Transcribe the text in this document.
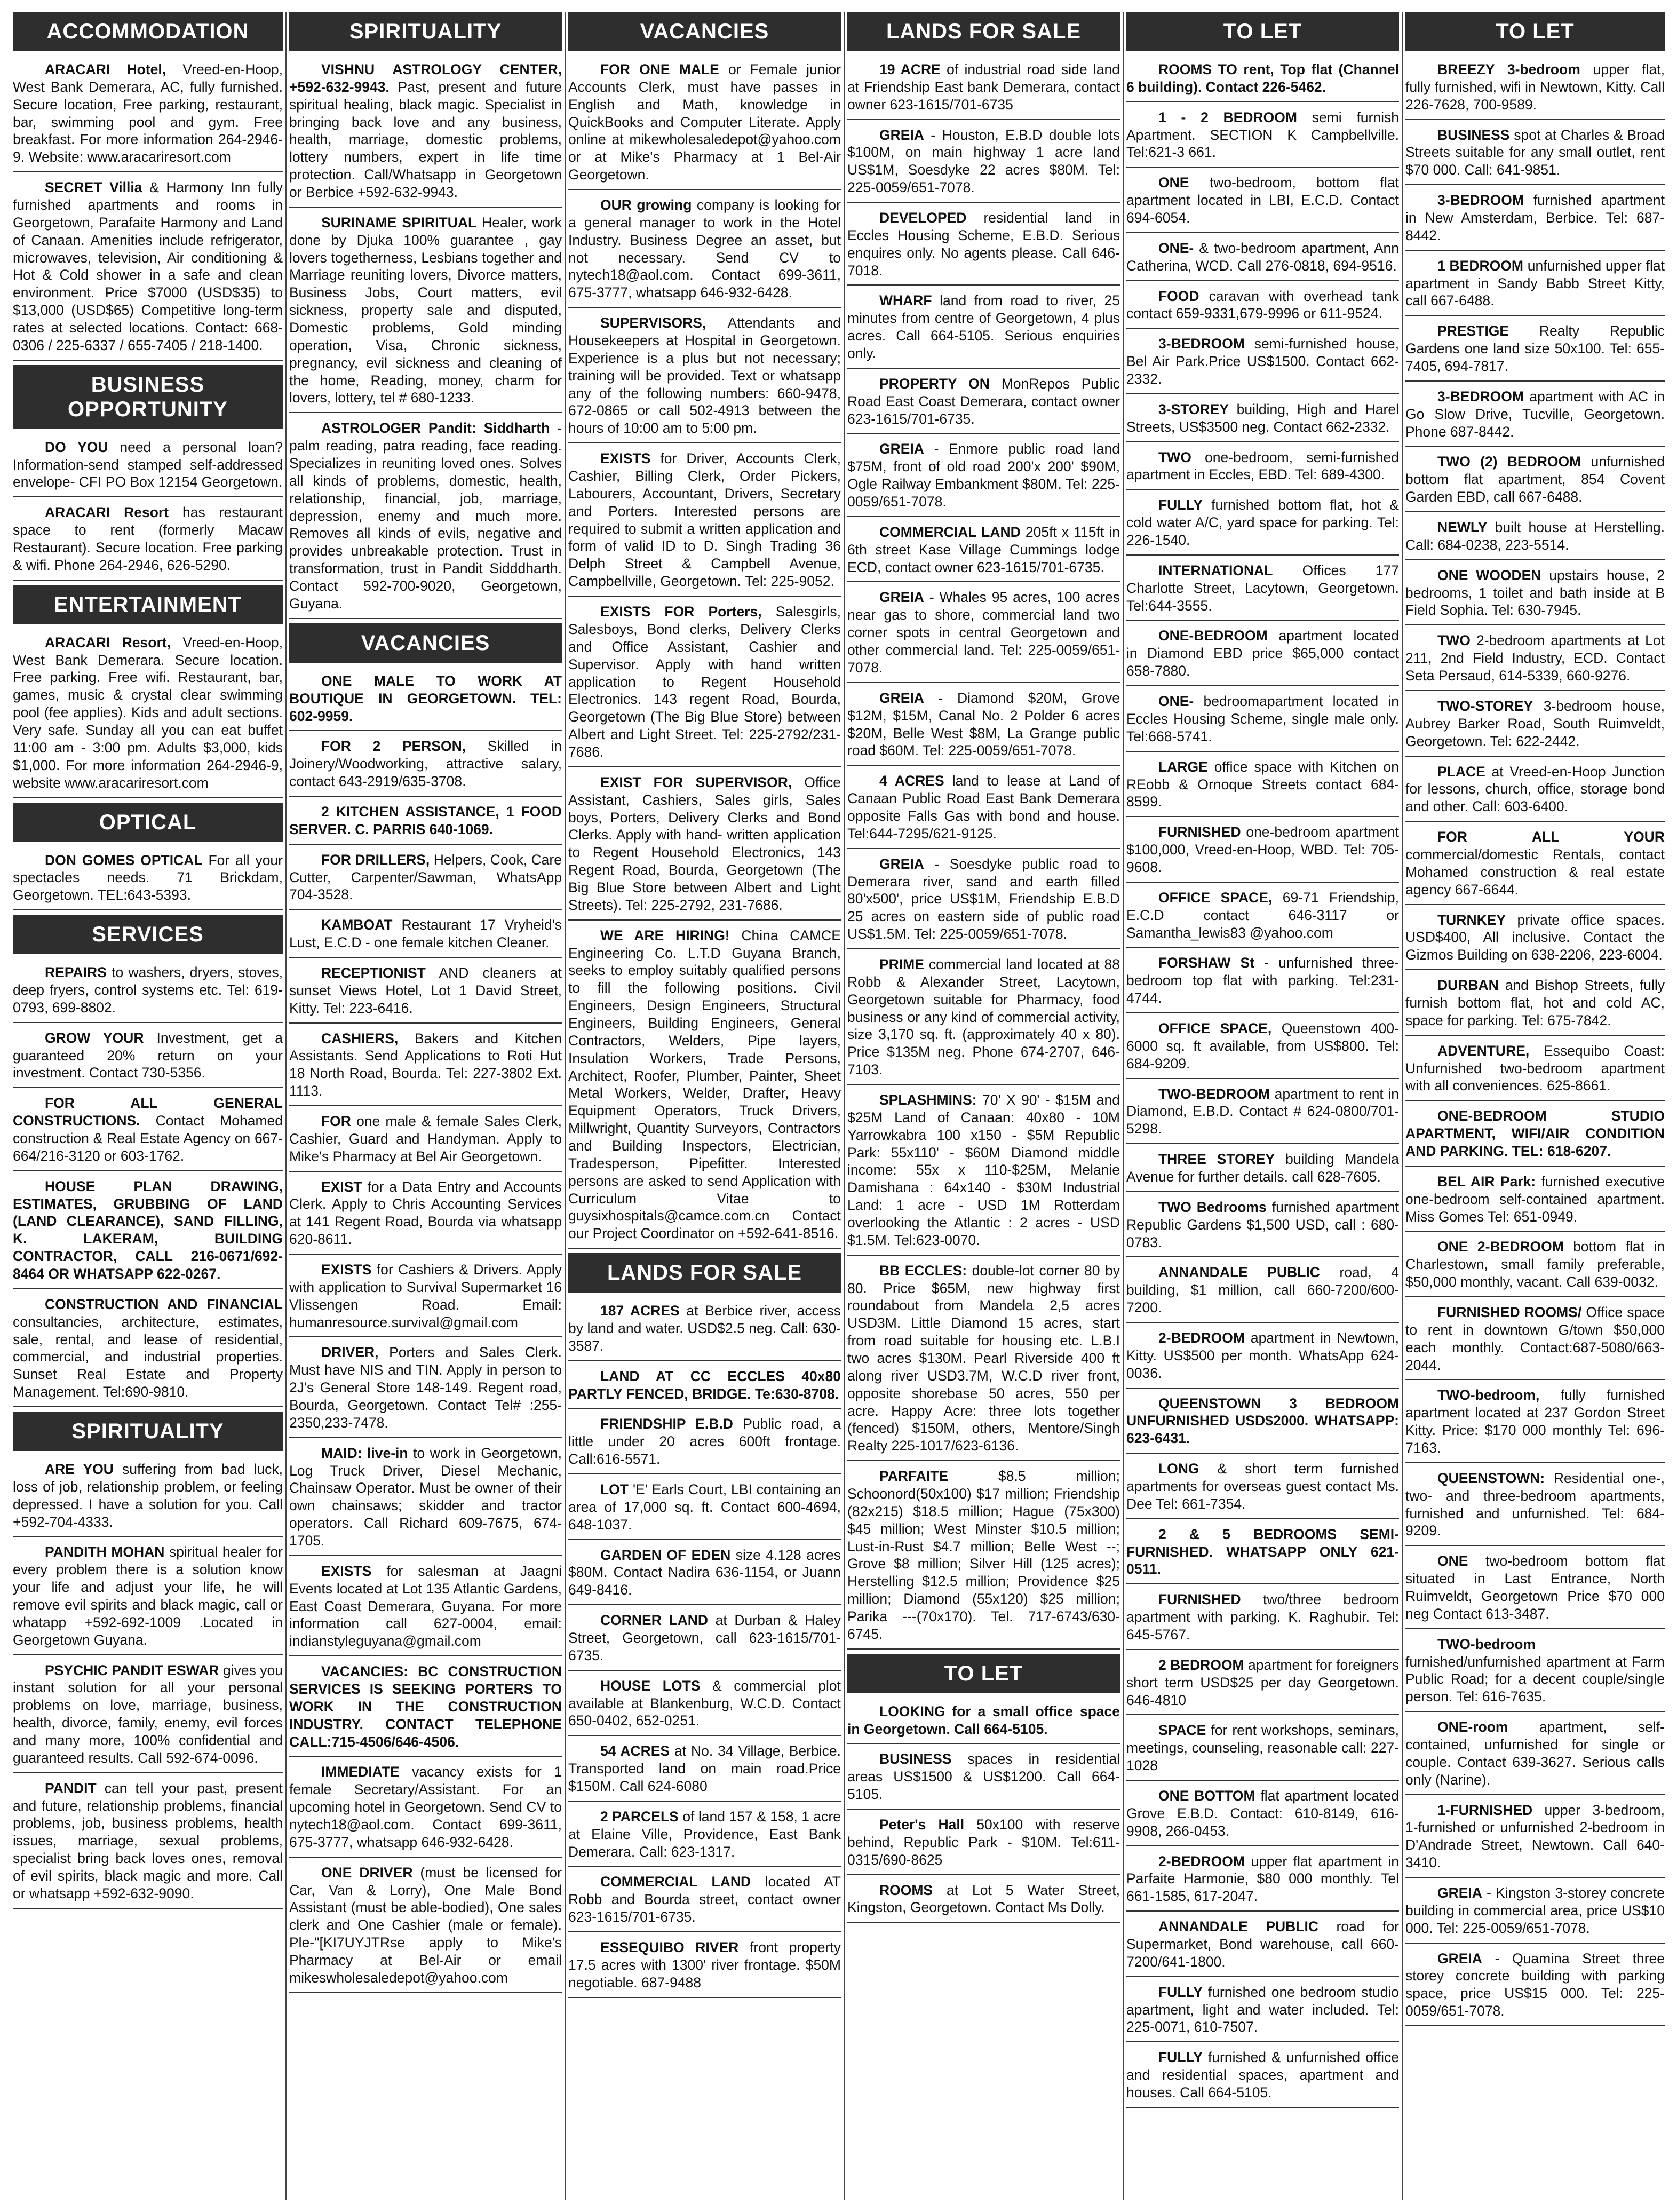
ACCOMMODATION
ARACARI Hotel, Vreed-en-Hoop, West Bank Demerara, AC, fully furnished. Secure location, Free parking, restaurant, bar, swimming pool and gym. Free breakfast. For more information 264-2946-9. Website: www.aracariresort.com
SECRET Villia & Harmony Inn fully furnished apartments and rooms in Georgetown, Parafaite Harmony and Land of Canaan. Amenities include refrigerator, microwaves, television, Air conditioning & Hot & Cold shower in a safe and clean environment. Price $7000 (USD$35) to $13,000 (USD$65) Competitive long-term rates at selected locations. Contact: 668-0306 / 225-6337 / 655-7405 / 218-1400.
BUSINESS OPPORTUNITY
DO YOU need a personal loan? Information-send stamped self-addressed envelope- CFI PO Box 12154 Georgetown.
ARACARI Resort has restaurant space to rent (formerly Macaw Restaurant). Secure location. Free parking & wifi. Phone 264-2946, 626-5290.
ENTERTAINMENT
ARACARI Resort, Vreed-en-Hoop, West Bank Demerara. Secure location. Free parking. Free wifi. Restaurant, bar, games, music & crystal clear swimming pool (fee applies). Kids and adult sections. Very safe. Sunday all you can eat buffet 11:00 am - 3:00 pm. Adults $3,000, kids $1,000. For more information 264-2946-9, website www.aracariresort.com
OPTICAL
DON GOMES OPTICAL For all your spectacles needs. 71 Brickdam, Georgetown. TEL:643-5393.
SERVICES
REPAIRS to washers, dryers, stoves, deep fryers, control systems etc. Tel: 619-0793, 699-8802.
GROW YOUR Investment, get a guaranteed 20% return on your investment. Contact 730-5356.
FOR ALL GENERAL CONSTRUCTIONS. Contact Mohamed construction & Real Estate Agency on 667-664/216-3120 or 603-1762.
HOUSE PLAN DRAWING, ESTIMATES, GRUBBING OF LAND (LAND CLEARANCE), SAND FILLING, K. LAKERAM, BUILDING CONTRACTOR, CALL 216-0671/692-8464 OR WHATSAPP 622-0267.
CONSTRUCTION AND FINANCIAL consultancies, architecture, estimates, sale, rental, and lease of residential, commercial, and industrial properties. Sunset Real Estate and Property Management. Tel:690-9810.
SPIRITUALITY
ARE YOU suffering from bad luck, loss of job, relationship problem, or feeling depressed. I have a solution for you. Call +592-704-4333.
PANDITH MOHAN spiritual healer for every problem there is a solution know your life and adjust your life, he will remove evil spirits and black magic, call or whatapp +592-692-1009 .Located in Georgetown Guyana.
PSYCHIC PANDIT ESWAR gives you instant solution for all your personal problems on love, marriage, business, health, divorce, family, enemy, evil forces and many more, 100% confidential and guaranteed results. Call 592-674-0096.
PANDIT can tell your past, present and future, relationship problems, financial problems, job, business problems, health issues, marriage, sexual problems, specialist bring back loves ones, removal of evil spirits, black magic and more. Call or whatsapp +592-632-9090.
SPIRITUALITY
VISHNU ASTROLOGY CENTER, +592-632-9943. Past, present and future spiritual healing, black magic. Specialist in bringing back love and any business, health, marriage, domestic problems, lottery numbers, expert in life time protection. Call/Whatsapp in Georgetown or Berbice +592-632-9943.
SURINAME SPIRITUAL Healer, work done by Djuka 100% guarantee , gay lovers togetherness, Lesbians together and Marriage reuniting lovers, Divorce matters, Business Jobs, Court matters, evil sickness, property sale and disputed, Domestic problems, Gold minding operation, Visa, Chronic sickness, pregnancy, evil sickness and cleaning of the home, Reading, money, charm for lovers, lottery, tel # 680-1233.
ASTROLOGER Pandit: Siddharth - palm reading, patra reading, face reading. Specializes in reuniting loved ones. Solves all kinds of problems, domestic, health, relationship, financial, job, marriage, depression, enemy and much more. Removes all kinds of evils, negative and provides unbreakable protection. Trust in transformation, trust in Pandit Sidddharth. Contact 592-700-9020, Georgetown, Guyana.
VACANCIES
ONE MALE TO WORK AT BOUTIQUE IN GEORGETOWN. TEL: 602-9959.
FOR 2 PERSON, Skilled in Joinery/Woodworking, attractive salary, contact 643-2919/635-3708.
2 KITCHEN ASSISTANCE, 1 FOOD SERVER. C. PARRIS 640-1069.
FOR DRILLERS, Helpers, Cook, Care Cutter, Carpenter/Sawman, WhatsApp 704-3528.
KAMBOAT Restaurant 17 Vryheid's Lust, E.C.D - one female kitchen Cleaner.
RECEPTIONIST AND cleaners at sunset Views Hotel, Lot 1 David Street, Kitty. Tel: 223-6416.
CASHIERS, Bakers and Kitchen Assistants. Send Applications to Roti Hut 18 North Road, Bourda. Tel: 227-3802 Ext. 1113.
FOR one male & female Sales Clerk, Cashier, Guard and Handyman. Apply to Mike's Pharmacy at Bel Air Georgetown.
EXIST for a Data Entry and Accounts Clerk. Apply to Chris Accounting Services at 141 Regent Road, Bourda via whatsapp 620-8611.
EXISTS for Cashiers & Drivers. Apply with application to Survival Supermarket 16 Vlissengen Road. Email: humanresource.survival@gmail.com
DRIVER, Porters and Sales Clerk. Must have NIS and TIN. Apply in person to 2J's General Store 148-149. Regent road, Bourda, Georgetown. Contact Tel# :255-2350,233-7478.
MAID: live-in to work in Georgetown, Log Truck Driver, Diesel Mechanic, Chainsaw Operator. Must be owner of their own chainsaws; skidder and tractor operators. Call Richard 609-7675, 674-1705.
EXISTS for salesman at Jaagni Events located at Lot 135 Atlantic Gardens, East Coast Demerara, Guyana. For more information call 627-0004, email: indianstyleguyana@gmail.com
VACANCIES: BC CONSTRUCTION SERVICES IS SEEKING PORTERS TO WORK IN THE CONSTRUCTION INDUSTRY. CONTACT TELEPHONE CALL:715-4506/646-4506.
IMMEDIATE vacancy exists for 1 female Secretary/Assistant. For an upcoming hotel in Georgetown. Send CV to nytech18@aol.com. Contact 699-3611, 675-3777, whatsapp 646-932-6428.
ONE DRIVER (must be licensed for Car, Van & Lorry), One Male Bond Assistant (must be able-bodied), One sales clerk and One Cashier (male or female). Ple-"[KI7UYJTRse apply to Mike's Pharmacy at Bel-Air or email mikeswholesaledepot@yahoo.com
VACANCIES
FOR ONE MALE or Female junior Accounts Clerk, must have passes in English and Math, knowledge in QuickBooks and Computer Literate. Apply online at mikewholesaledepot@yahoo.com or at Mike's Pharmacy at 1 Bel-Air Georgetown.
OUR growing company is looking for a general manager to work in the Hotel Industry. Business Degree an asset, but not necessary. Send CV to nytech18@aol.com. Contact 699-3611, 675-3777, whatsapp 646-932-6428.
SUPERVISORS, Attendants and Housekeepers at Hospital in Georgetown. Experience is a plus but not necessary; training will be provided. Text or whatsapp any of the following numbers: 660-9478, 672-0865 or call 502-4913 between the hours of 10:00 am to 5:00 pm.
EXISTS for Driver, Accounts Clerk, Cashier, Billing Clerk, Order Pickers, Labourers, Accountant, Drivers, Secretary and Porters. Interested persons are required to submit a written application and form of valid ID to D. Singh Trading 36 Delph Street & Campbell Avenue, Campbellville, Georgetown. Tel: 225-9052.
EXISTS FOR Porters, Salesgirls, Salesboys, Bond clerks, Delivery Clerks and Office Assistant, Cashier and Supervisor. Apply with hand written application to Regent Household Electronics. 143 regent Road, Bourda, Georgetown (The Big Blue Store) between Albert and Light Street. Tel: 225-2792/231-7686.
EXIST FOR SUPERVISOR, Office Assistant, Cashiers, Sales girls, Sales boys, Porters, Delivery Clerks and Bond Clerks. Apply with hand- written application to Regent Household Electronics, 143 Regent Road, Bourda, Georgetown (The Big Blue Store between Albert and Light Streets). Tel: 225-2792, 231-7686.
WE ARE HIRING! China CAMCE Engineering Co. L.T.D Guyana Branch, seeks to employ suitably qualified persons to fill the following positions. Civil Engineers, Design Engineers, Structural Engineers, Building Engineers, General Contractors, Welders, Pipe layers, Insulation Workers, Trade Persons, Architect, Roofer, Plumber, Painter, Sheet Metal Workers, Welder, Drafter, Heavy Equipment Operators, Truck Drivers, Millwright, Quantity Surveyors, Contractors and Building Inspectors, Electrician, Tradesperson, Pipefitter. Interested persons are asked to send Application with Curriculum Vitae to guysixhospitals@camce.com.cn Contact our Project Coordinator on +592-641-8516.
LANDS FOR SALE
187 ACRES at Berbice river, access by land and water. USD$2.5 neg. Call: 630-3587.
LAND AT CC ECCLES 40x80 PARTLY FENCED, BRIDGE. Te:630-8708.
FRIENDSHIP E.B.D Public road, a little under 20 acres 600ft frontage. Call:616-5571.
LOT 'E' Earls Court, LBI containing an area of 17,000 sq. ft. Contact 600-4694, 648-1037.
GARDEN OF EDEN size 4.128 acres $80M. Contact Nadira 636-1154, or Juann 649-8416.
CORNER LAND at Durban & Haley Street, Georgetown, call 623-1615/701-6735.
HOUSE LOTS & commercial plot available at Blankenburg, W.C.D. Contact 650-0402, 652-0251.
54 ACRES at No. 34 Village, Berbice. Transported land on main road.Price $150M. Call 624-6080
2 PARCELS of land 157 & 158, 1 acre at Elaine Ville, Providence, East Bank Demerara. Call: 623-1317.
COMMERCIAL LAND located AT Robb and Bourda street, contact owner 623-1615/701-6735.
ESSEQUIBO RIVER front property 17.5 acres with 1300' river frontage. $50M negotiable. 687-9488
LANDS FOR SALE
19 ACRE of industrial road side land at Friendship East bank Demerara, contact owner 623-1615/701-6735
GREIA - Houston, E.B.D double lots $100M, on main highway 1 acre land US$1M, Soesdyke 22 acres $80M. Tel: 225-0059/651-7078.
DEVELOPED residential land in Eccles Housing Scheme, E.B.D. Serious enquires only. No agents please. Call 646-7018.
WHARF land from road to river, 25 minutes from centre of Georgetown, 4 plus acres. Call 664-5105. Serious enquiries only.
PROPERTY ON MonRepos Public Road East Coast Demerara, contact owner 623-1615/701-6735.
GREIA - Enmore public road land $75M, front of old road 200'x 200' $90M, Ogle Railway Embankment $80M. Tel: 225-0059/651-7078.
COMMERCIAL LAND 205ft x 115ft in 6th street Kase Village Cummings lodge ECD, contact owner 623-1615/701-6735.
GREIA - Whales 95 acres, 100 acres near gas to shore, commercial land two corner spots in central Georgetown and other commercial land. Tel: 225-0059/651-7078.
GREIA - Diamond $20M, Grove $12M, $15M, Canal No. 2 Polder 6 acres $20M, Belle West $8M, La Grange public road $60M. Tel: 225-0059/651-7078.
4 ACRES land to lease at Land of Canaan Public Road East Bank Demerara opposite Falls Gas with bond and house. Tel:644-7295/621-9125.
GREIA - Soesdyke public road to Demerara river, sand and earth filled 80'x500', price US$1M, Friendship E.B.D 25 acres on eastern side of public road US$1.5M. Tel: 225-0059/651-7078.
PRIME commercial land located at 88 Robb & Alexander Street, Lacytown, Georgetown suitable for Pharmacy, food business or any kind of commercial activity, size 3,170 sq. ft. (approximately 40 x 80). Price $135M neg. Phone 674-2707, 646-7103.
SPLASHMINS: 70' X 90' - $15M and $25M Land of Canaan: 40x80 - 10M Yarrowkabra 100 x150 - $5M Republic Park: 55x110' - $60M Diamond middle income: 55x x 110-$25M, Melanie Damishana : 64x140 - $30M Industrial Land: 1 acre - USD 1M Rotterdam overlooking the Atlantic : 2 acres - USD $1.5M. Tel:623-0070.
BB ECCLES: double-lot corner 80 by 80. Price $65M, new highway first roundabout from Mandela 2,5 acres USD3M. Little Diamond 15 acres, start from road suitable for housing etc. L.B.I two acres $130M. Pearl Riverside 400 ft along river USD3.7M, W.C.D river front, opposite shorebase 50 acres, 550 per acre. Happy Acre: three lots together (fenced) $150M, others, Mentore/Singh Realty 225-1017/623-6136.
PARFAITE	$8.5 million; Schoonord(50x100) $17 million; Friendship (82x215) $18.5 million; Hague (75x300) $45 million; West Minster $10.5 million; Lust-in-Rust $4.7 million; Belle West --; Grove $8 million; Silver Hill (125 acres); Herstelling $12.5 million; Providence $25 million; Diamond (55x120) $25 million; Parika ---(70x170). Tel. 717-6743/630-6745.
TO LET
LOOKING for a small office space in Georgetown. Call 664-5105.
BUSINESS spaces in residential areas US$1500 & US$1200. Call 664-5105.
Peter's Hall 50x100 with reserve behind, Republic Park - $10M. Tel:611-0315/690-8625
ROOMS at Lot 5 Water Street, Kingston, Georgetown. Contact Ms Dolly.
TO LET
ROOMS TO rent, Top flat (Channel 6 building). Contact 226-5462.
1 - 2 BEDROOM semi furnish Apartment. SECTION K Campbellville. Tel:621-3 661.
ONE two-bedroom, bottom flat apartment located in LBI, E.C.D. Contact 694-6054.
ONE- & two-bedroom apartment, Ann Catherina, WCD. Call 276-0818, 694-9516.
FOOD caravan with overhead tank contact 659-9331,679-9996 or 611-9524.
3-BEDROOM semi-furnished house, Bel Air Park.Price US$1500. Contact 662-2332.
3-STOREY building, High and Harel Streets, US$3500 neg. Contact 662-2332.
TWO one-bedroom, semi-furnished apartment in Eccles, EBD. Tel: 689-4300.
FULLY furnished bottom flat, hot & cold water A/C, yard space for parking. Tel: 226-1540.
INTERNATIONAL Offices 177 Charlotte Street, Lacytown, Georgetown. Tel:644-3555.
ONE-BEDROOM apartment located in Diamond EBD price $65,000 contact 658-7880.
ONE- bedroomapartment located in Eccles Housing Scheme, single male only. Tel:668-5741.
LARGE office space with Kitchen on REobb & Ornoque Streets contact 684-8599.
FURNISHED one-bedroom apartment $100,000, Vreed-en-Hoop, WBD. Tel: 705-9608.
OFFICE SPACE, 69-71 Friendship, E.C.D contact 646-3117 or Samantha_lewis83 @yahoo.com
FORSHAW St - unfurnished three-bedroom top flat with parking. Tel:231-4744.
OFFICE SPACE, Queenstown 400-6000 sq. ft available, from US$800. Tel: 684-9209.
TWO-BEDROOM apartment to rent in Diamond, E.B.D. Contact # 624-0800/701-5298.
THREE STOREY building Mandela Avenue for further details. call 628-7605.
TWO Bedrooms furnished apartment Republic Gardens $1,500 USD, call : 680-0783.
ANNANDALE PUBLIC road, 4 building, $1 million, call 660-7200/600-7200.
2-BEDROOM apartment in Newtown, Kitty. US$500 per month. WhatsApp 624-0036.
QUEENSTOWN 3 BEDROOM UNFURNISHED USD$2000. WHATSAPP: 623-6431.
LONG & short term furnished apartments for overseas guest contact Ms. Dee Tel: 661-7354.
2 & 5 BEDROOMS SEMI-FURNISHED. WHATSAPP ONLY 621-0511.
FURNISHED two/three bedroom apartment with parking. K. Raghubir. Tel: 645-5767.
2 BEDROOM apartment for foreigners short term USD$25 per day Georgetown. 646-4810
SPACE for rent workshops, seminars, meetings, counseling, reasonable call: 227-1028
ONE BOTTOM flat apartment located Grove E.B.D. Contact: 610-8149, 616-9908, 266-0453.
2-BEDROOM upper flat apartment in Parfaite Harmonie, $80 000 monthly. Tel 661-1585, 617-2047.
ANNANDALE PUBLIC road for Supermarket, Bond warehouse, call 660-7200/641-1800.
FULLY furnished one bedroom studio apartment, light and water included. Tel: 225-0071, 610-7507.
FULLY furnished & unfurnished office and residential spaces, apartment and houses. Call 664-5105.
TO LET
BREEZY 3-bedroom upper flat, fully furnished, wifi in Newtown, Kitty. Call 226-7628, 700-9589.
BUSINESS spot at Charles & Broad Streets suitable for any small outlet, rent $70 000. Call: 641-9851.
3-BEDROOM furnished apartment in New Amsterdam, Berbice. Tel: 687-8442.
1 BEDROOM unfurnished upper flat apartment in Sandy Babb Street Kitty, call 667-6488.
PRESTIGE Realty Republic Gardens one land size 50x100. Tel: 655-7405, 694-7817.
3-BEDROOM apartment with AC in Go Slow Drive, Tucville, Georgetown. Phone 687-8442.
TWO (2) BEDROOM unfurnished bottom flat apartment, 854 Covent Garden EBD, call 667-6488.
NEWLY built house at Herstelling. Call: 684-0238, 223-5514.
ONE WOODEN upstairs house, 2 bedrooms, 1 toilet and bath inside at B Field Sophia. Tel: 630-7945.
TWO 2-bedroom apartments at Lot 211, 2nd Field Industry, ECD. Contact Seta Persaud, 614-5339, 660-9276.
TWO-STOREY 3-bedroom house, Aubrey Barker Road, South Ruimveldt, Georgetown. Tel: 622-2442.
PLACE at Vreed-en-Hoop Junction for lessons, church, office, storage bond and other. Call: 603-6400.
FOR ALL YOUR commercial/domestic Rentals, contact Mohamed construction & real estate agency 667-6644.
TURNKEY private office spaces. USD$400, All inclusive. Contact the Gizmos Building on 638-2206, 223-6004.
DURBAN and Bishop Streets, fully furnish bottom flat, hot and cold AC, space for parking. Tel: 675-7842.
ADVENTURE, Essequibo Coast: Unfurnished two-bedroom apartment with all conveniences. 625-8661.
ONE-BEDROOM STUDIO APARTMENT, WIFI/AIR CONDITION AND PARKING. TEL: 618-6207.
BEL AIR Park: furnished executive one-bedroom self-contained apartment. Miss Gomes Tel: 651-0949.
ONE 2-BEDROOM bottom flat in Charlestown, small family preferable, $50,000 monthly, vacant. Call 639-0032.
FURNISHED ROOMS/ Office space to rent in downtown G/town $50,000 each monthly. Contact:687-5080/663-2044.
TWO-bedroom, fully furnished apartment located at 237 Gordon Street Kitty. Price: $170 000 monthly Tel: 696-7163.
QUEENSTOWN: Residential one-, two- and three-bedroom apartments, furnished and unfurnished. Tel: 684-9209.
ONE two-bedroom bottom flat situated in Last Entrance, North Ruimveldt, Georgetown Price $70 000 neg Contact 613-3487.
TWO-bedroom furnished/unfurnished apartment at Farm Public Road; for a decent couple/single person. Tel: 616-7635.
ONE-room apartment, self-contained, unfurnished for single or couple. Contact 639-3627. Serious calls only (Narine).
1-FURNISHED upper 3-bedroom, 1-furnished or unfurnished 2-bedroom in D'Andrade Street, Newtown. Call 640-3410.
GREIA - Kingston 3-storey concrete building in commercial area, price US$10 000. Tel: 225-0059/651-7078.
GREIA - Quamina Street three storey concrete building with parking space, price US$15 000. Tel: 225-0059/651-7078.
